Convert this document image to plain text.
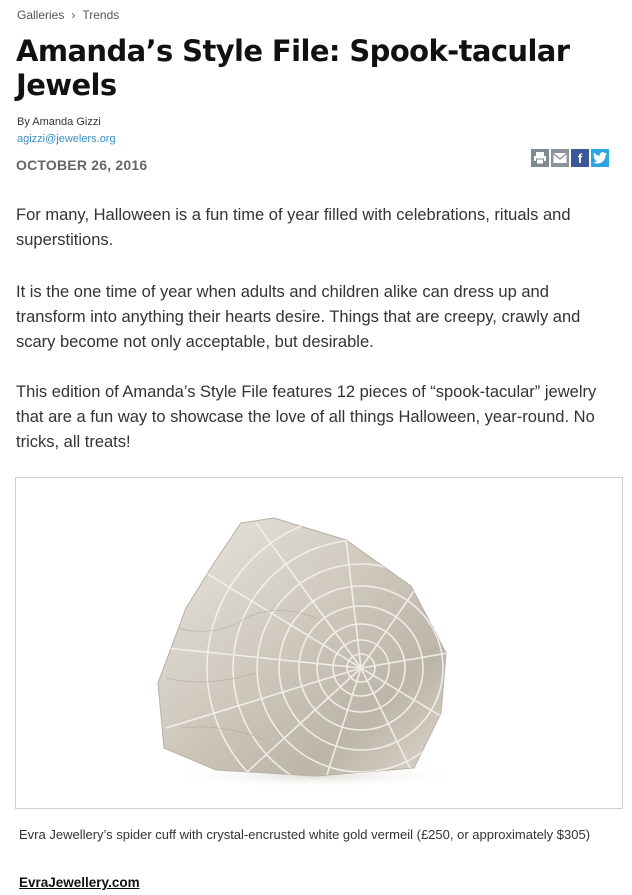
Galleries › Trends
Amanda’s Style File: Spook-tacular Jewels
By Amanda Gizzi
agizzi@jewelers.org
OCTOBER 26, 2016	f

For many, Halloween is a fun time of year filled with celebrations, rituals and superstitions.

It is the one time of year when adults and children alike can dress up and transform into anything their hearts desire. Things that are creepy, crawly and scary become not only acceptable, but desirable.

This edition of Amanda’s Style File features 12 pieces of “spook-tacular” jewelry that are a fun way to showcase the love of all things Halloween, year-round. No tricks, all treats!

Evra Jewellery’s spider cuff with crystal-encrusted white gold vermeil (£250, or approximately $305)
EvraJewellery.com
